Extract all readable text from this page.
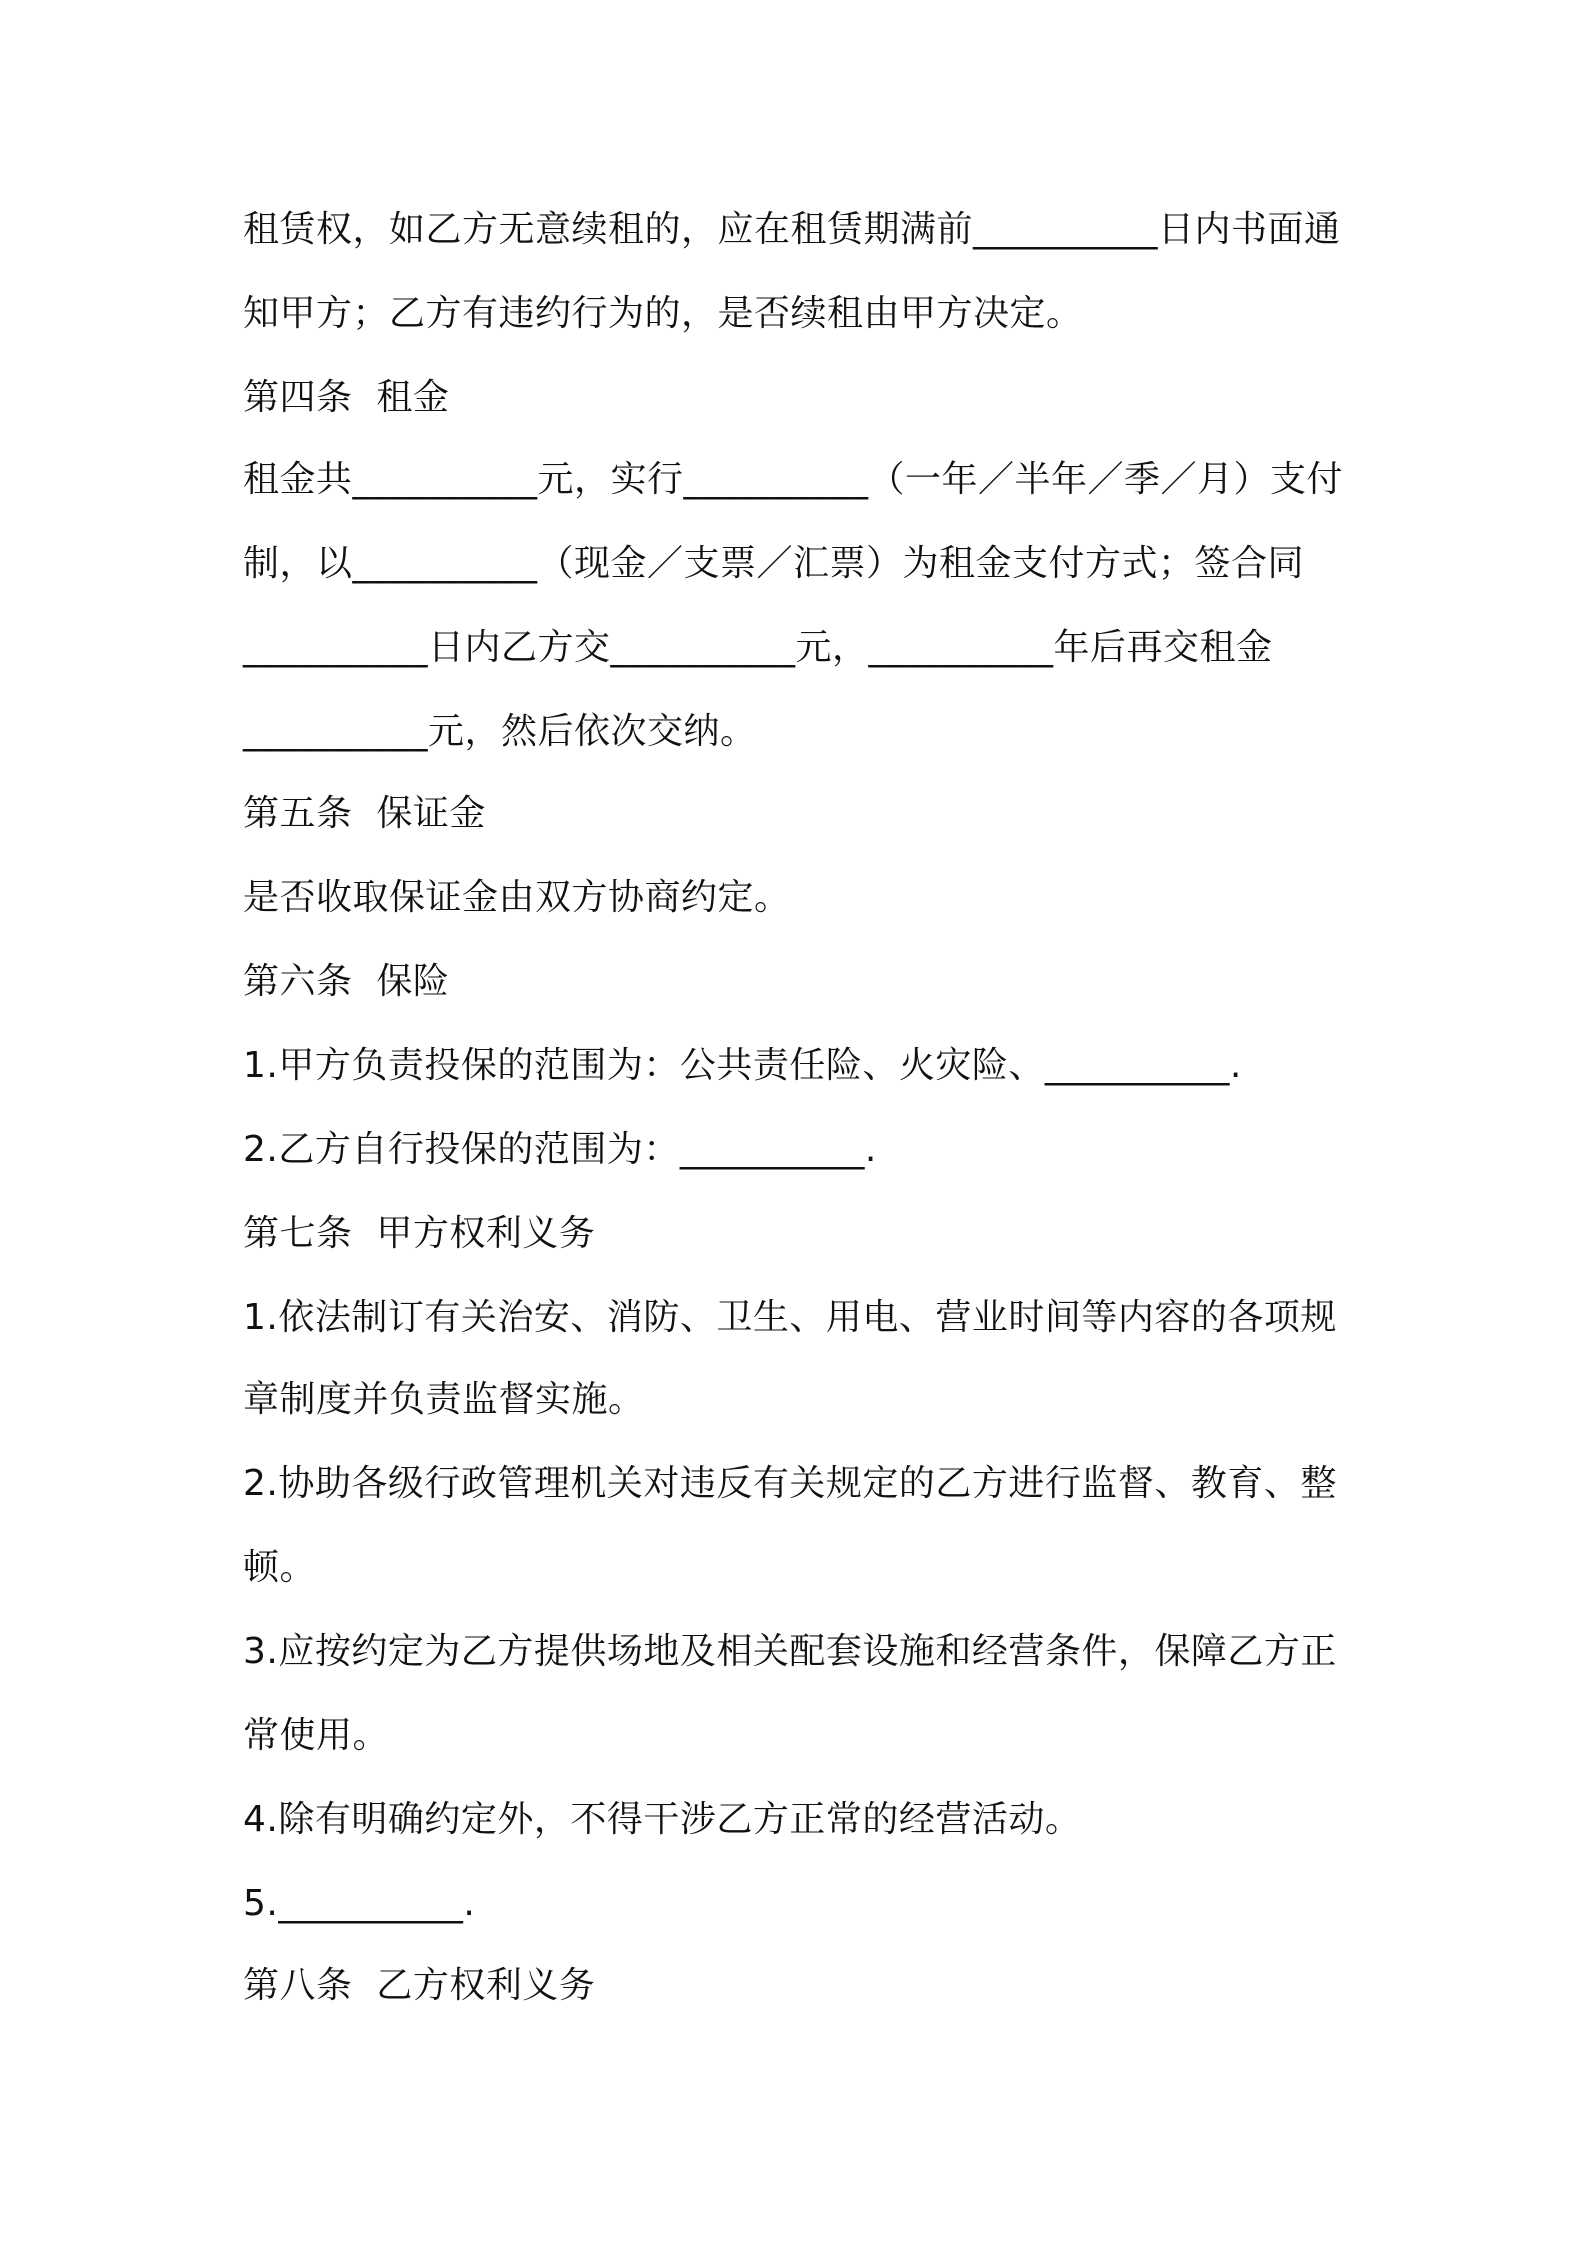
租赁权，如乙方无意续租的，应在租赁期满前__________日内书面通
知甲方；乙方有违约行为的，是否续租由甲方决定。
第四条  租金
租金共__________元，实行__________（一年／半年／季／月）支付
制，以__________（现金／支票／汇票）为租金支付方式；签合同
__________日内乙方交__________元，__________年后再交租金
__________元，然后依次交纳。
第五条  保证金
是否收取保证金由双方协商约定。
第六条  保险
1.甲方负责投保的范围为：公共责任险、火灾险、__________.
2.乙方自行投保的范围为：__________.
第七条  甲方权利义务
1.依法制订有关治安、消防、卫生、用电、营业时间等内容的各项规
章制度并负责监督实施。
2.协助各级行政管理机关对违反有关规定的乙方进行监督、教育、整
顿。
3.应按约定为乙方提供场地及相关配套设施和经营条件，保障乙方正
常使用。
4.除有明确约定外，不得干涉乙方正常的经营活动。
5.__________.
第八条  乙方权利义务
